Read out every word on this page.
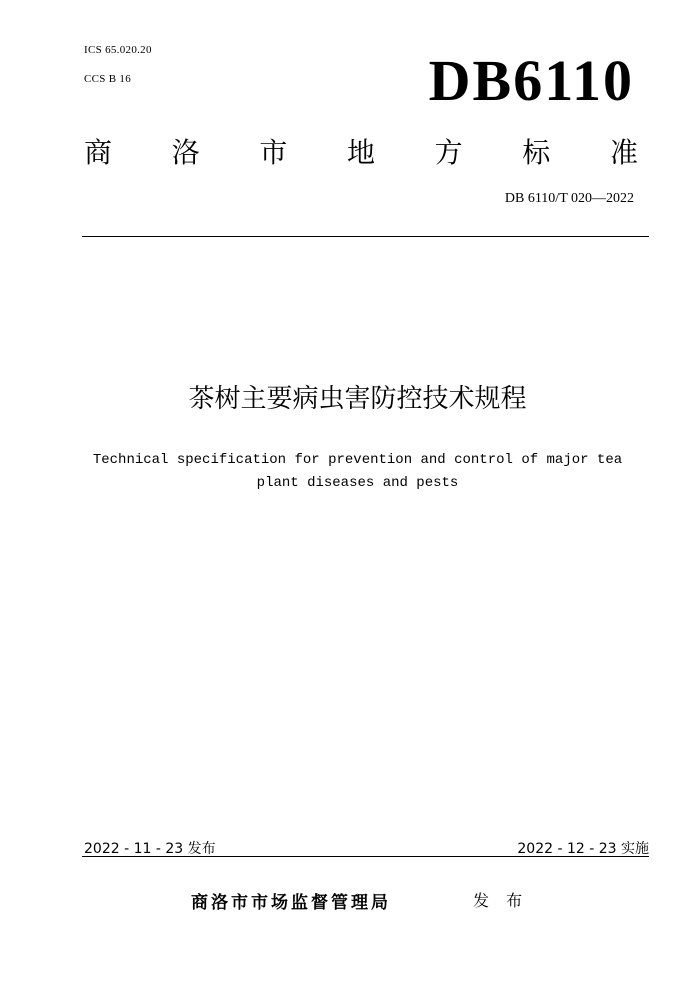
ICS 65.020.20
CCS B 16	DB6110
商 洛 市 地 方 标 准
DB 6110/T 020—2022
茶树主要病虫害防控技术规程
Technical specification for prevention and control of major tea plant diseases and pests
2022 - 11 - 23 发布	2022 - 12 - 23 实施
商洛市市场监督管理局	发 布
